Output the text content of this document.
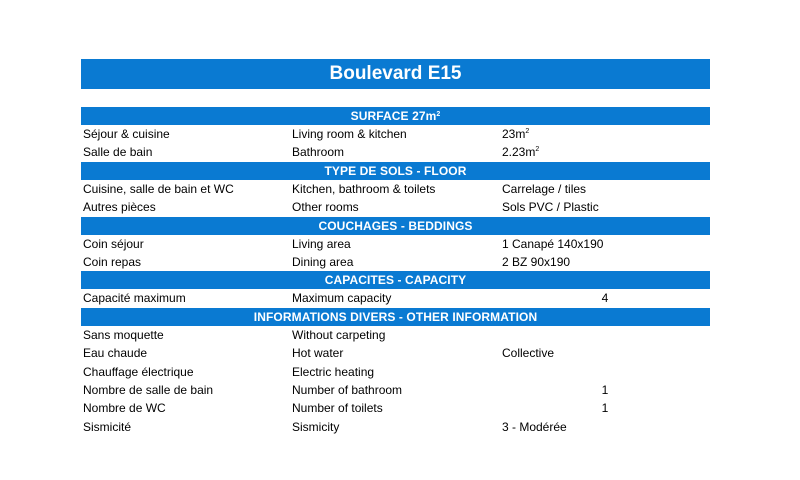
Boulevard E15
SURFACE $27m^2$
Séjour & cuisine	Living room & kitchen	$23m^2$
Salle de bain	Bathroom	$2.23m^2$
TYPE DE SOLS - FLOOR
Cuisine, salle de bain et WC	Kitchen, bathroom & toilets	Carrelage / tiles
Autres pièces	Other rooms	Sols PVC / Plastic
COUCHAGES - BEDDINGS
Coin séjour	Living area	1 Canapé 140x190
Coin repas	Dining area	2 BZ 90x190
CAPACITES - CAPACITY
Capacité maximum	Maximum capacity	4
INFORMATIONS DIVERS - OTHER INFORMATION
Sans moquette	Without carpeting
Eau chaude	Hot water	Collective
Chauffage électrique	Electric heating
Nombre de salle de bain	Number of bathroom	1
Nombre de WC	Number of toilets	1
Sismicité	Sismicity	3 - Modérée
